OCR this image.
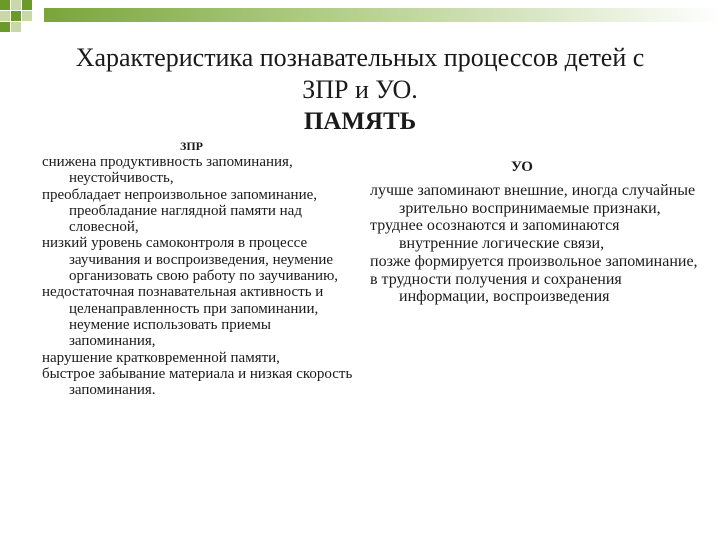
Характеристика познавательных процессов детей с
ЗПР и УО.
ПАМЯТЬ
ЗПР

снижена продуктивность запоминания, неустойчивость,

преобладает непроизвольное запоминание, преобладание наглядной памяти над словесной,

низкий уровень самоконтроля в процессе заучивания и воспроизведения, неумение организовать свою работу по заучиванию,

недостаточная познавательная активность и целенаправленность при запоминании, неумение использовать приемы запоминания,

нарушение кратковременной памяти,

быстрое забывание материала и низкая скорость запоминания.

УО

лучше запоминают внешние, иногда случайные зрительно воспринимаемые признаки,

труднее осознаются и запоминаются внутренние логические связи,

позже формируется произвольное запоминание,

в трудности получения и сохранения информации, воспроизведения
